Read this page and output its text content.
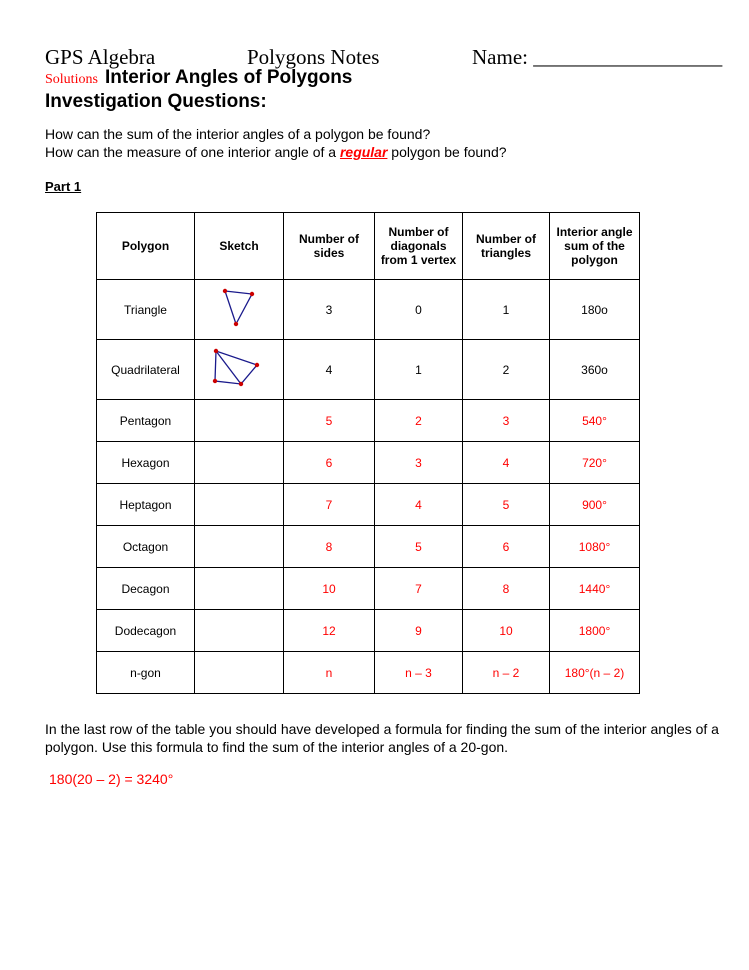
GPS Algebra	Polygons Notes	Name: __________________
Solutions Interior Angles of Polygons
Investigation Questions:
How can the sum of the interior angles of a polygon be found?
How can the measure of one interior angle of a regular polygon be found?
Part 1
Polygon	Sketch	Number of sides	Number of diagonals from 1 vertex	Number of triangles	Interior angle sum of the polygon
Triangle		3	0	1	180o
Quadrilateral		4	1	2	360o
Pentagon		5	2	3	540°
Hexagon		6	3	4	720°
Heptagon		7	4	5	900°
Octagon		8	5	6	1080°
Decagon		10	7	8	1440°
Dodecagon		12	9	10	1800°
n-gon		n	n – 3	n – 2	180°(n – 2)
In the last row of the table you should have developed a formula for finding the sum of the interior angles of a polygon. Use this formula to find the sum of the interior angles of a 20-gon.
180(20 – 2) = 3240°
